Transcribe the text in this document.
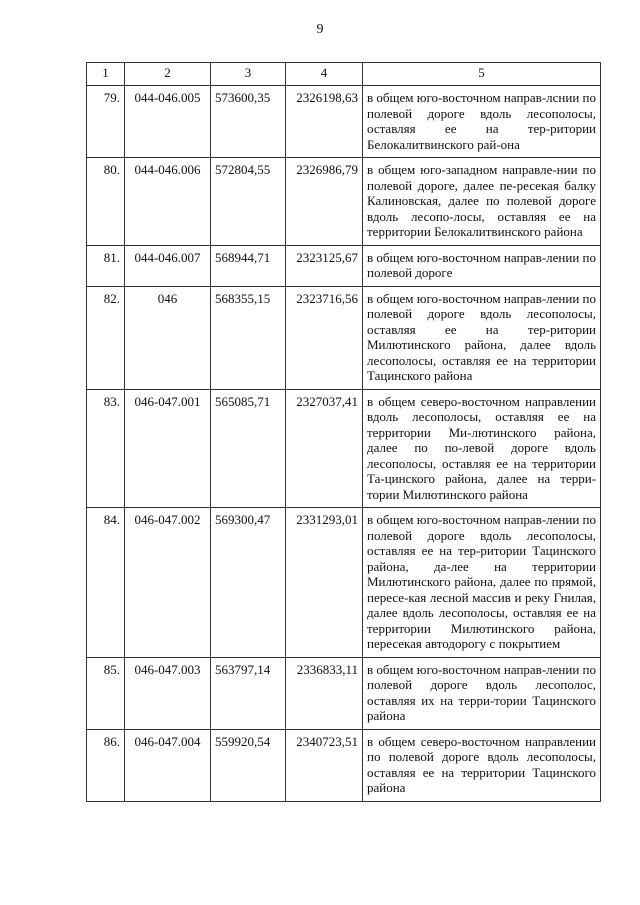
9
1	2	3	4	5
79.	044-046.005	573600,35	2326198,63	в общем юго-восточном направ-лснии по полевой дороге вдоль лесополосы, оставляя ее на тер-ритории Белокалитвинского рай-она
80.	044-046.006	572804,55	2326986,79	в общем юго-западном направле-нии по полевой дороге, далее пе-ресекая балку Калиновская, далее по полевой дороге вдоль лесопо-лосы, оставляя ее на территории Белокалитвинского района
81.	044-046.007	568944,71	2323125,67	в общем юго-восточном направ-лении по полевой дороге
82.	046	568355,15	2323716,56	в общем юго-восточном направ-лении по полевой дороге вдоль лесополосы, оставляя ее на тер-ритории Милютинского района, далее вдоль лесополосы, оставляя ее на территории Тацинского района
83.	046-047.001	565085,71	2327037,41	в общем северо-восточном направлении вдоль лесополосы, оставляя ее на территории Ми-лютинского района, далее по по-левой дороге вдоль лесополосы, оставляя ее на территории Та-цинского района, далее на терри-тории Милютинского района
84.	046-047.002	569300,47	2331293,01	в общем юго-восточном направ-лении по полевой дороге вдоль лесополосы, оставляя ее на тер-ритории Тацинского района, да-лее на территории Милютинского района, далее по прямой, пересе-кая лесной массив и реку Гнилая, далее вдоль лесополосы, оставляя ее на территории Милютинского района, пересекая автодорогу с покрытием
85.	046-047.003	563797,14	2336833,11	в общем юго-восточном направ-лении по полевой дороге вдоль лесополос, оставляя их на терри-тории Тацинского района
86.	046-047.004	559920,54	2340723,51	в общем северо-восточном направлении по полевой дороге вдоль лесополосы, оставляя ее на территории Тацинского района
